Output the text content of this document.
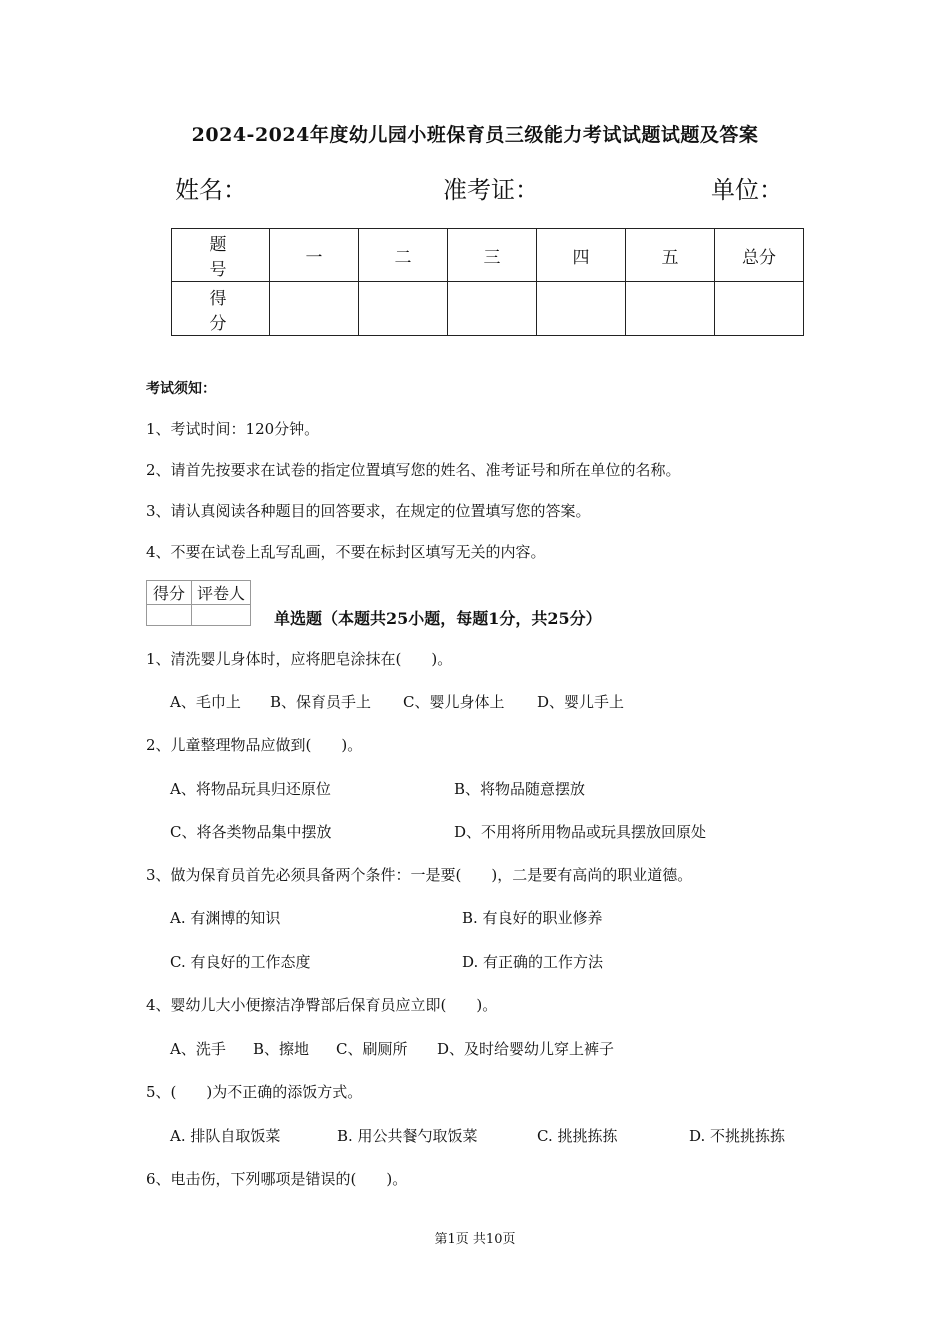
2024-2024年度幼儿园小班保育员三级能力考试试题试题及答案
姓名：	准考证：	单位：
题　号	一	二	三	四	五	总分
得　分						
考试须知：
1、考试时间：120分钟。
2、请首先按要求在试卷的指定位置填写您的姓名、准考证号和所在单位的名称。
3、请认真阅读各种题目的回答要求，在规定的位置填写您的答案。
4、不要在试卷上乱写乱画，不要在标封区填写无关的内容。
得分	评卷人

单选题（本题共25小题，每题1分，共25分）
1、清洗婴儿身体时，应将肥皂涂抹在(　　)。
A、毛巾上 B、保育员手上 C、婴儿身体上 D、婴儿手上
2、儿童整理物品应做到(　　)。
A、将物品玩具归还原位	B、将物品随意摆放
C、将各类物品集中摆放	D、不用将所用物品或玩具摆放回原处
3、做为保育员首先必须具备两个条件：一是要(　　)，二是要有高尚的职业道德。
A. 有渊博的知识	B. 有良好的职业修养
C. 有良好的工作态度	D. 有正确的工作方法
4、婴幼儿大小便擦洁净臀部后保育员应立即(　　)。
A、洗手 B、擦地 C、刷厕所 D、及时给婴幼儿穿上裤子
5、(　　)为不正确的添饭方式。
A. 排队自取饭菜	B. 用公共餐勺取饭菜	C. 挑挑拣拣	D. 不挑挑拣拣
6、电击伤，下列哪项是错误的(　　)。
第1页 共10页
